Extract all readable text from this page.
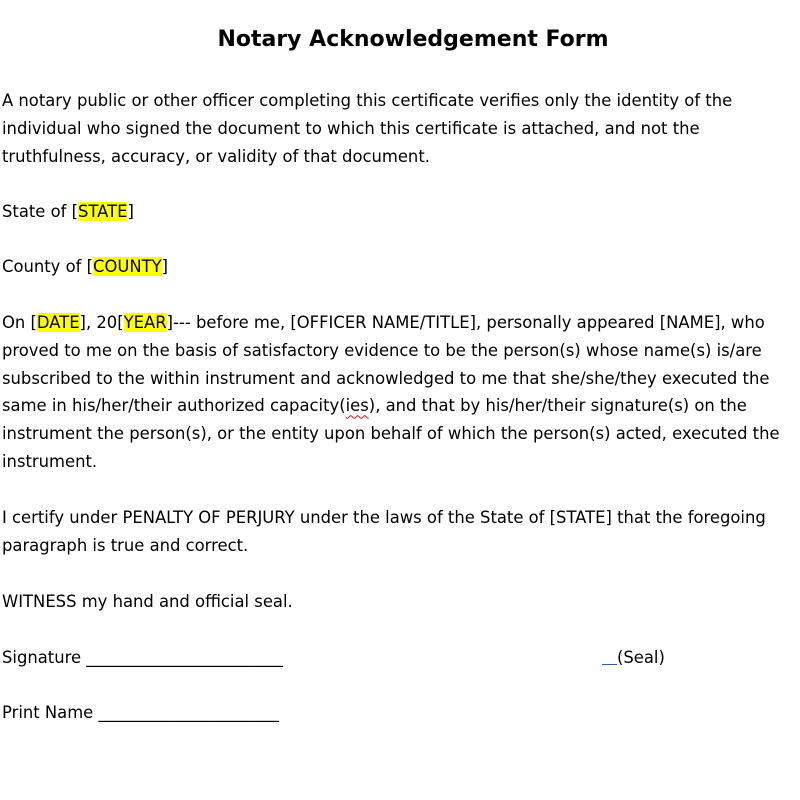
Notary Acknowledgement Form
A notary public or other officer completing this certificate verifies only the identity of the
individual who signed the document to which this certificate is attached, and not the
truthfulness, accuracy, or validity of that document.
State of [STATE]
County of [COUNTY]
On [DATE], 20[YEAR]--- before me, [OFFICER NAME/TITLE], personally appeared [NAME], who
proved to me on the basis of satisfactory evidence to be the person(s) whose name(s) is/are
subscribed to the within instrument and acknowledged to me that she/she/they executed the
same in his/her/their authorized capacity(ies), and that by his/her/their signature(s) on the
instrument the person(s), or the entity upon behalf of which the person(s) acted, executed the
instrument.
I certify under PENALTY OF PERJURY under the laws of the State of [STATE] that the foregoing
paragraph is true and correct.
WITNESS my hand and official seal.
Signature ________________________	(Seal)
Print Name ______________________
